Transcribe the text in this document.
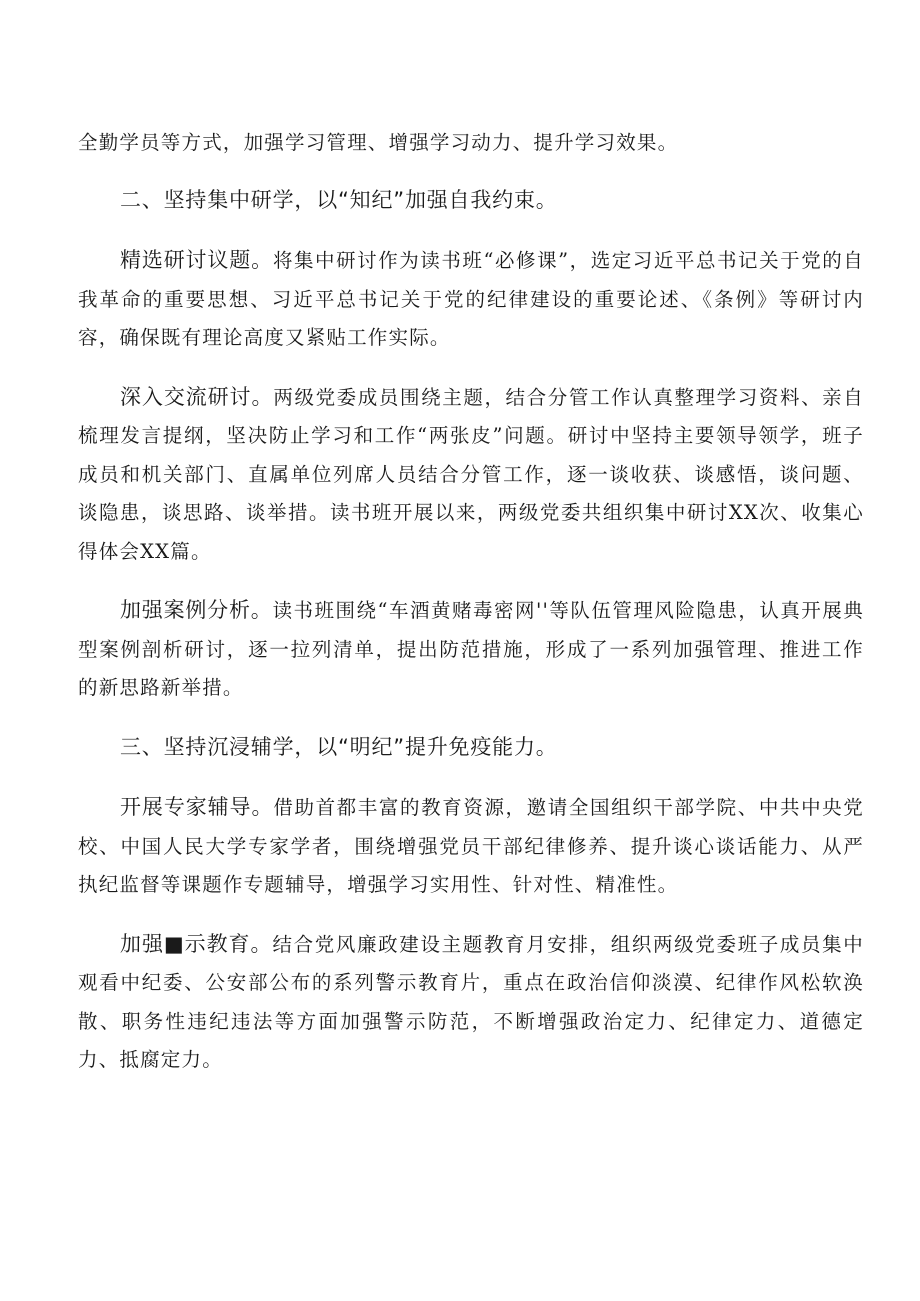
全勤学员等方式，加强学习管理、增强学习动力、提升学习效果。

二、坚持集中研学，以“知纪”加强自我约束。

精选研讨议题。将集中研讨作为读书班“必修课”，选定习近平总书记关于党的自我革命的重要思想、习近平总书记关于党的纪律建设的重要论述、《条例》等研讨内容，确保既有理论高度又紧贴工作实际。

深入交流研讨。两级党委成员围绕主题，结合分管工作认真整理学习资料、亲自梳理发言提纲，坚决防止学习和工作“两张皮”问题。研讨中坚持主要领导领学，班子成员和机关部门、直属单位列席人员结合分管工作，逐一谈收获、谈感悟，谈问题、谈隐患，谈思路、谈举措。读书班开展以来，两级党委共组织集中研讨XX次、收集心得体会XX篇。

加强案例分析。读书班围绕“车酒黄赌毒密网''等队伍管理风险隐患，认真开展典型案例剖析研讨，逐一拉列清单，提出防范措施，形成了一系列加强管理、推进工作的新思路新举措。

三、坚持沉浸辅学，以“明纪”提升免疫能力。

开展专家辅导。借助首都丰富的教育资源，邀请全国组织干部学院、中共中央党校、中国人民大学专家学者，围绕增强党员干部纪律修养、提升谈心谈话能力、从严执纪监督等课题作专题辅导，增强学习实用性、针对性、精准性。

加强■示教育。结合党风廉政建设主题教育月安排，组织两级党委班子成员集中观看中纪委、公安部公布的系列警示教育片，重点在政治信仰淡漠、纪律作风松软涣散、职务性违纪违法等方面加强警示防范，不断增强政治定力、纪律定力、道德定力、抵腐定力。
